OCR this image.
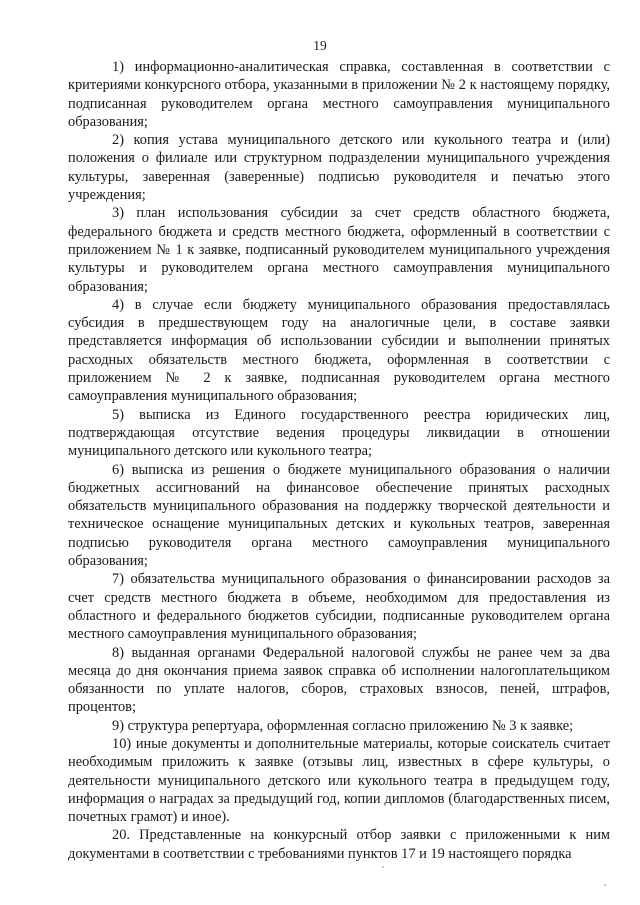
19

1) информационно-аналитическая справка, составленная в соответствии с критериями конкурсного отбора, указанными в приложении № 2 к настоящему порядку, подписанная руководителем органа местного самоуправления муниципального образования;

2) копия устава муниципального детского или кукольного театра и (или) положения о филиале или структурном подразделении муниципального учреждения культуры, заверенная (заверенные) подписью руководителя и печатью этого учреждения;

3) план использования субсидии за счет средств областного бюджета, федерального бюджета и средств местного бюджета, оформленный в соответствии с приложением № 1 к заявке, подписанный руководителем муниципального учреждения культуры и руководителем органа местного самоуправления муниципального образования;

4) в случае если бюджету муниципального образования предоставлялась субсидия в предшествующем году на аналогичные цели, в составе заявки представляется информация об использовании субсидии и выполнении принятых расходных обязательств местного бюджета, оформленная в соответствии с приложением № 2 к заявке, подписанная руководителем органа местного самоуправления муниципального образования;

5) выписка из Единого государственного реестра юридических лиц, подтверждающая отсутствие ведения процедуры ликвидации в отношении муниципального детского или кукольного театра;

6) выписка из решения о бюджете муниципального образования о наличии бюджетных ассигнований на финансовое обеспечение принятых расходных обязательств муниципального образования на поддержку творческой деятельности и техническое оснащение муниципальных детских и кукольных театров, заверенная подписью руководителя органа местного самоуправления муниципального образования;

7) обязательства муниципального образования о финансировании расходов за счет средств местного бюджета в объеме, необходимом для предоставления из областного и федерального бюджетов субсидии, подписанные руководителем органа местного самоуправления муниципального образования;

8) выданная органами Федеральной налоговой службы не ранее чем за два месяца до дня окончания приема заявок справка об исполнении налогоплательщиком обязанности по уплате налогов, сборов, страховых взносов, пеней, штрафов, процентов;

9) структура репертуара, оформленная согласно приложению № 3 к заявке;

10) иные документы и дополнительные материалы, которые соискатель считает необходимым приложить к заявке (отзывы лиц, известных в сфере культуры, о деятельности муниципального детского или кукольного театра в предыдущем году, информация о наградах за предыдущий год, копии дипломов (благодарственных писем, почетных грамот) и иное).

20. Представленные на конкурсный отбор заявки с приложенными к ним документами в соответствии с требованиями пунктов 17 и 19 настоящего порядка
